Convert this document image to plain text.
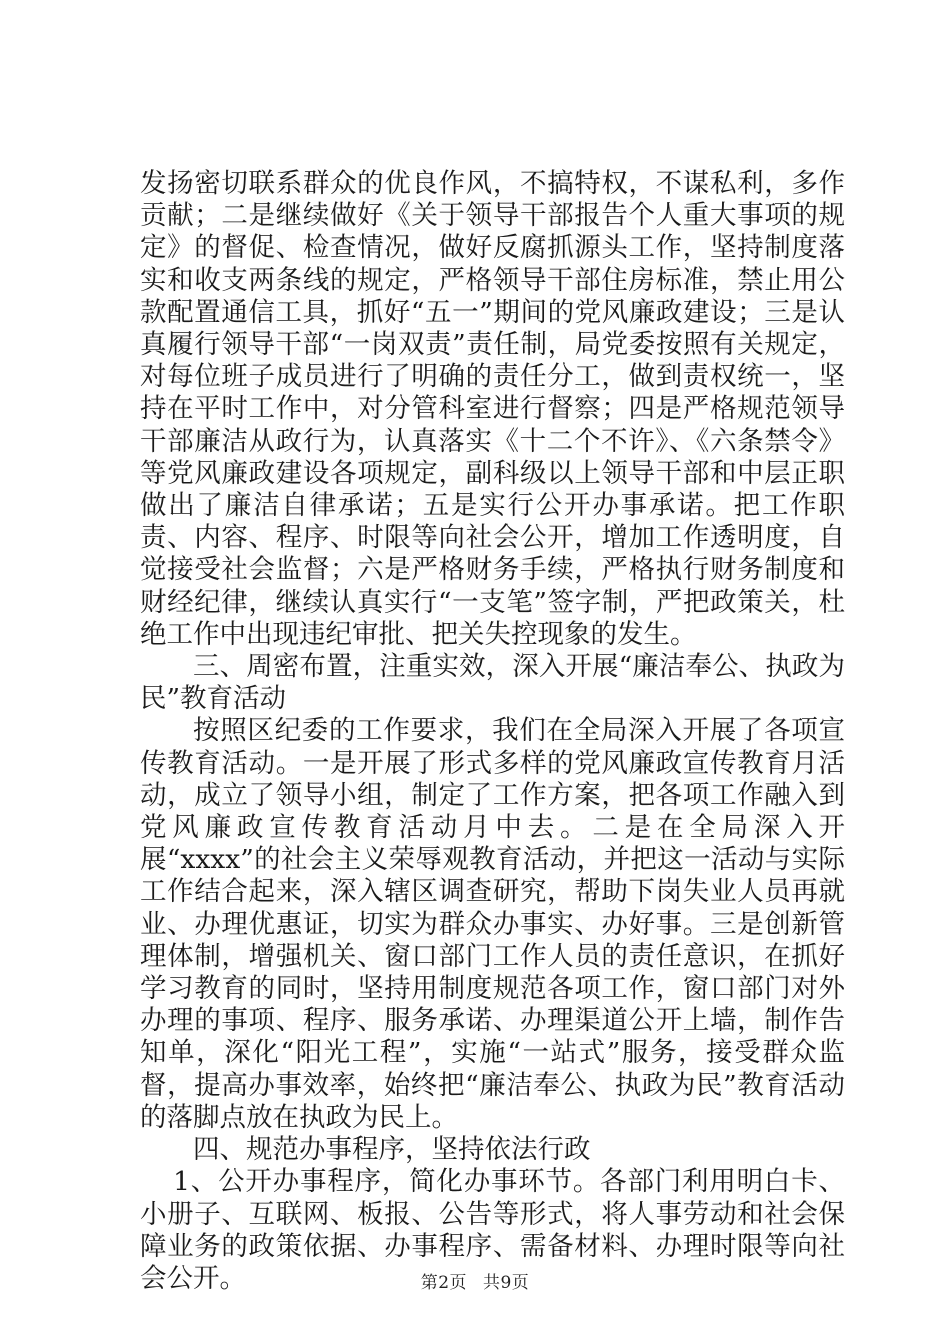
发扬密切联系群众的优良作风，不搞特权，不谋私利，多作贡献；二是继续做好《关于领导干部报告个人重大事项的规定》的督促、检查情况，做好反腐抓源头工作，坚持制度落实和收支两条线的规定，严格领导干部住房标准，禁止用公款配置通信工具，抓好“五一”期间的党风廉政建设；三是认真履行领导干部“一岗双责”责任制，局党委按照有关规定，对每位班子成员进行了明确的责任分工，做到责权统一，坚持在平时工作中，对分管科室进行督察；四是严格规范领导干部廉洁从政行为，认真落实《十二个不许》、《六条禁令》等党风廉政建设各项规定，副科级以上领导干部和中层正职做出了廉洁自律承诺；五是实行公开办事承诺。把工作职责、内容、程序、时限等向社会公开，增加工作透明度，自觉接受社会监督；六是严格财务手续，严格执行财务制度和财经纪律，继续认真实行“一支笔”签字制，严把政策关，杜绝工作中出现违纪审批、把关失控现象的发生。

三、周密布置，注重实效，深入开展“廉洁奉公、执政为民”教育活动

按照区纪委的工作要求，我们在全局深入开展了各项宣传教育活动。一是开展了形式多样的党风廉政宣传教育月活动，成立了领导小组，制定了工作方案，把各项工作融入到党风廉政宣传教育活动月中去。二是在全局深入开展“xxxx”的社会主义荣辱观教育活动，并把这一活动与实际工作结合起来，深入辖区调查研究，帮助下岗失业人员再就业、办理优惠证，切实为群众办事实、办好事。三是创新管理体制，增强机关、窗口部门工作人员的责任意识，在抓好学习教育的同时，坚持用制度规范各项工作，窗口部门对外办理的事项、程序、服务承诺、办理渠道公开上墙，制作告知单，深化“阳光工程”，实施“一站式”服务，接受群众监督，提高办事效率，始终把“廉洁奉公、执政为民”教育活动的落脚点放在执政为民上。

四、规范办事程序，坚持依法行政

1、公开办事程序，简化办事环节。各部门利用明白卡、小册子、互联网、板报、公告等形式，将人事劳动和社会保障业务的政策依据、办事程序、需备材料、办理时限等向社会公开。	第2页 共9页
